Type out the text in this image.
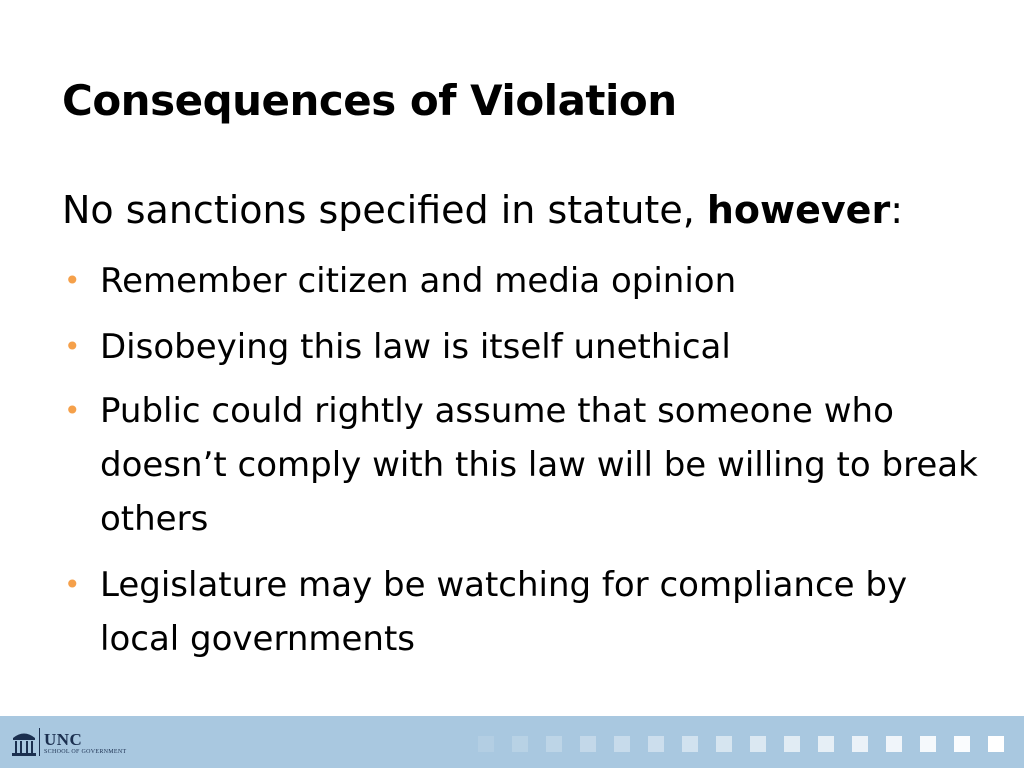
Consequences of Violation
No sanctions specified in statute, however:
• Remember citizen and media opinion
• Disobeying this law is itself unethical
• Public could rightly assume that someone who doesn’t comply with this law will be willing to break others
• Legislature may be watching for compliance by local governments
UNC
SCHOOL OF GOVERNMENT
